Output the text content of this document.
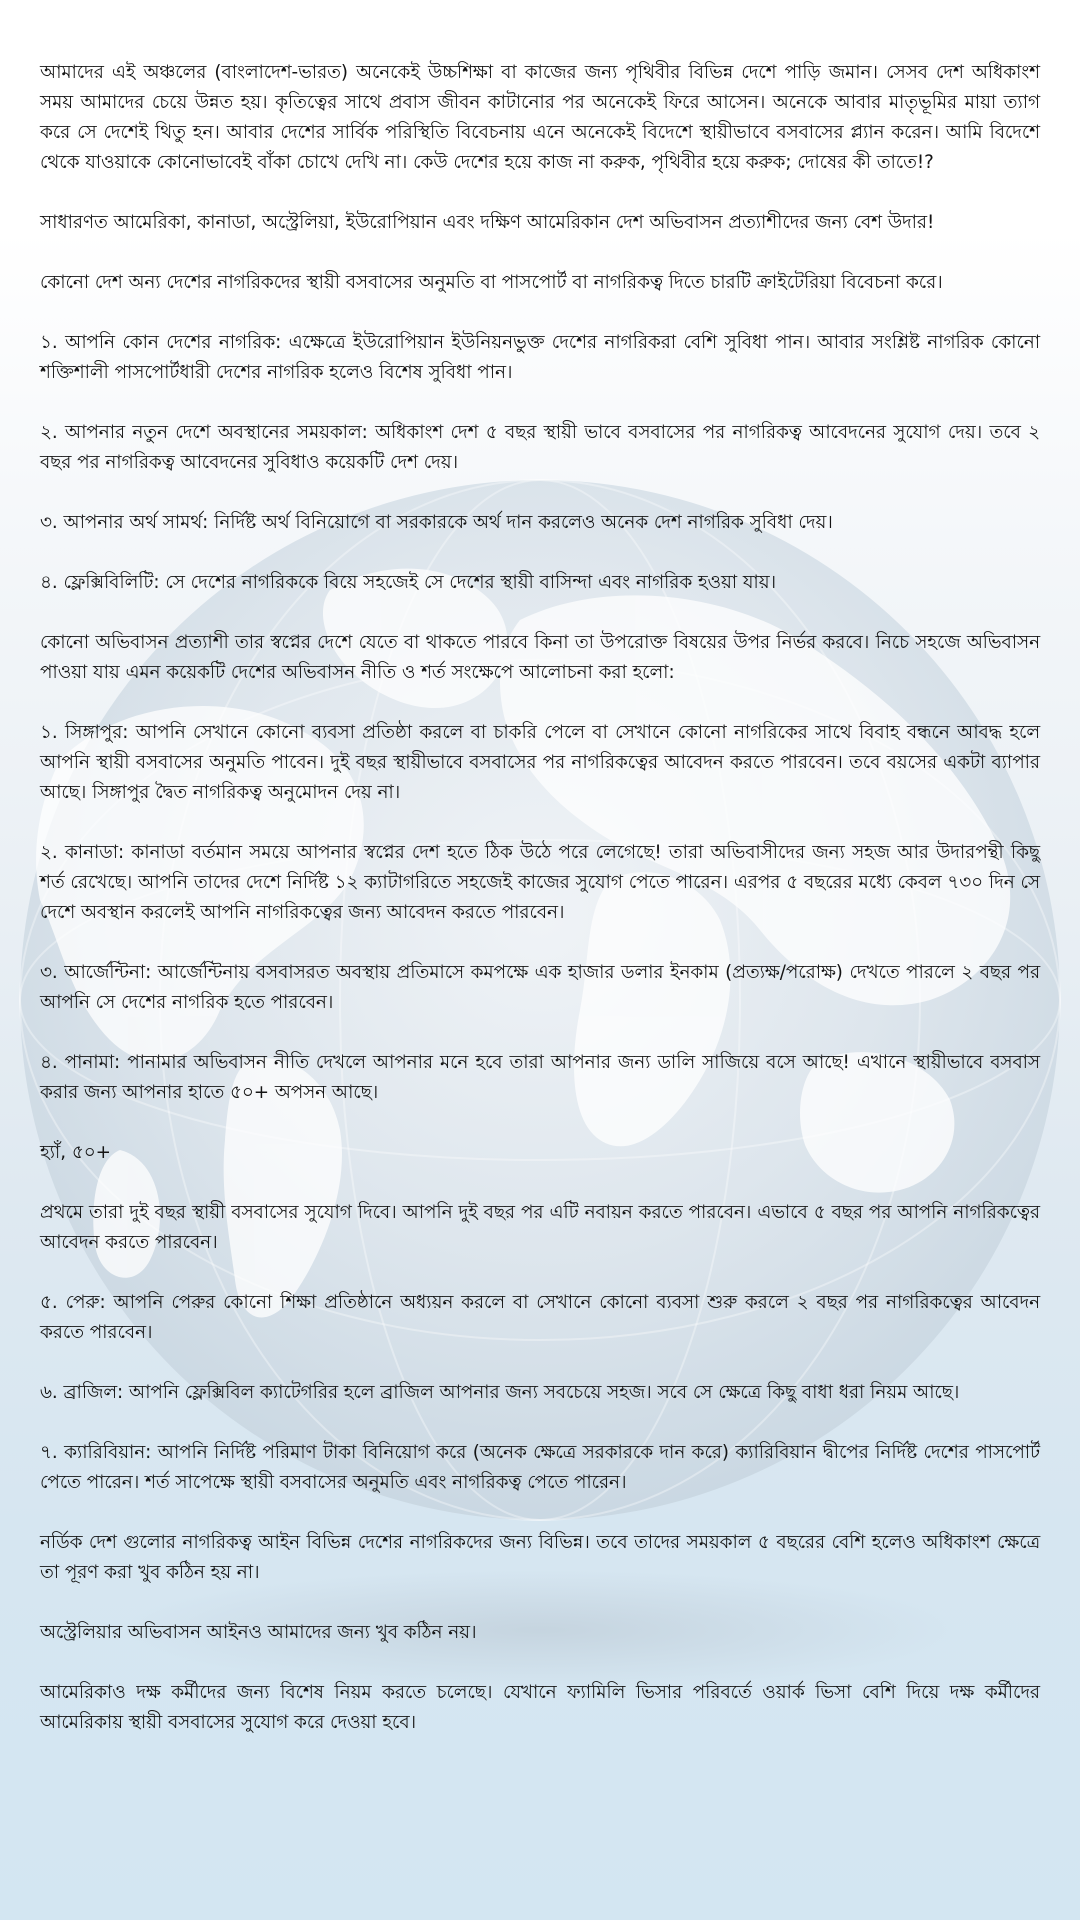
আমাদের এই অঞ্চলের (বাংলাদেশ-ভারত) অনেকেই উচ্চশিক্ষা বা কাজের জন্য পৃথিবীর বিভিন্ন দেশে পাড়ি জমান। সেসব দেশ অধিকাংশ সময় আমাদের চেয়ে উন্নত হয়। কৃতিত্বের সাথে প্রবাস জীবন কাটানোর পর অনেকেই ফিরে আসেন। অনেকে আবার মাতৃভূমির মায়া ত্যাগ করে সে দেশেই থিতু হন। আবার দেশের সার্বিক পরিস্থিতি বিবেচনায় এনে অনেকেই বিদেশে স্থায়ীভাবে বসবাসের প্ল্যান করেন। আমি বিদেশে থেকে যাওয়াকে কোনোভাবেই বাঁকা চোখে দেখি না। কেউ দেশের হয়ে কাজ না করুক, পৃথিবীর হয়ে করুক; দোষের কী তাতে!?

সাধারণত আমেরিকা, কানাডা, অস্ট্রেলিয়া, ইউরোপিয়ান এবং দক্ষিণ আমেরিকান দেশ অভিবাসন প্রত্যাশীদের জন্য বেশ উদার!

কোনো দেশ অন্য দেশের নাগরিকদের স্থায়ী বসবাসের অনুমতি বা পাসপোর্ট বা নাগরিকত্ব দিতে চারটি ক্রাইটেরিয়া বিবেচনা করে।

১. আপনি কোন দেশের নাগরিক: এক্ষেত্রে ইউরোপিয়ান ইউনিয়নভুক্ত দেশের নাগরিকরা বেশি সুবিধা পান। আবার সংশ্লিষ্ট নাগরিক কোনো শক্তিশালী পাসপোর্টধারী দেশের নাগরিক হলেও বিশেষ সুবিধা পান।

২. আপনার নতুন দেশে অবস্থানের সময়কাল: অধিকাংশ দেশ ৫ বছর স্থায়ী ভাবে বসবাসের পর নাগরিকত্ব আবেদনের সুযোগ দেয়। তবে ২ বছর পর নাগরিকত্ব আবেদনের সুবিধাও কয়েকটি দেশ দেয়।

৩. আপনার অর্থ সামর্থ: নির্দিষ্ট অর্থ বিনিয়োগে বা সরকারকে অর্থ দান করলেও অনেক দেশ নাগরিক সুবিধা দেয়।

৪. ফ্লেক্সিবিলিটি: সে দেশের নাগরিককে বিয়ে সহজেই সে দেশের স্থায়ী বাসিন্দা এবং নাগরিক হওয়া যায়।

কোনো অভিবাসন প্রত্যাশী তার স্বপ্নের দেশে যেতে বা থাকতে পারবে কিনা তা উপরোক্ত বিষয়ের উপর নির্ভর করবে। নিচে সহজে অভিবাসন পাওয়া যায় এমন কয়েকটি দেশের অভিবাসন নীতি ও শর্ত সংক্ষেপে আলোচনা করা হলো:

১. সিঙ্গাপুর: আপনি সেখানে কোনো ব্যবসা প্রতিষ্ঠা করলে বা চাকরি পেলে বা সেখানে কোনো নাগরিকের সাথে বিবাহ বন্ধনে আবদ্ধ হলে আপনি স্থায়ী বসবাসের অনুমতি পাবেন। দুই বছর স্থায়ীভাবে বসবাসের পর নাগরিকত্বের আবেদন করতে পারবেন। তবে বয়সের একটা ব্যাপার আছে। সিঙ্গাপুর দ্বৈত নাগরিকত্ব অনুমোদন দেয় না।

২. কানাডা: কানাডা বর্তমান সময়ে আপনার স্বপ্নের দেশ হতে ঠিক উঠে পরে লেগেছে! তারা অভিবাসীদের জন্য সহজ আর উদারপন্থী কিছু শর্ত রেখেছে। আপনি তাদের দেশে নির্দিষ্ট ১২ ক্যাটাগরিতে সহজেই কাজের সুযোগ পেতে পারেন। এরপর ৫ বছরের মধ্যে কেবল ৭৩০ দিন সে দেশে অবস্থান করলেই আপনি নাগরিকত্বের জন্য আবেদন করতে পারবেন।

৩. আর্জেন্টিনা: আর্জেন্টিনায় বসবাসরত অবস্থায় প্রতিমাসে কমপক্ষে এক হাজার ডলার ইনকাম (প্রত্যক্ষ/পরোক্ষ) দেখতে পারলে ২ বছর পর আপনি সে দেশের নাগরিক হতে পারবেন।

৪. পানামা: পানামার অভিবাসন নীতি দেখলে আপনার মনে হবে তারা আপনার জন্য ডালি সাজিয়ে বসে আছে! এখানে স্থায়ীভাবে বসবাস করার জন্য আপনার হাতে ৫০+ অপসন আছে।

হ্যাঁ, ৫০+

প্রথমে তারা দুই বছর স্থায়ী বসবাসের সুযোগ দিবে। আপনি দুই বছর পর এটি নবায়ন করতে পারবেন। এভাবে ৫ বছর পর আপনি নাগরিকত্বের আবেদন করতে পারবেন।

৫. পেরু: আপনি পেরুর কোনো শিক্ষা প্রতিষ্ঠানে অধ্যয়ন করলে বা সেখানে কোনো ব্যবসা শুরু করলে ২ বছর পর নাগরিকত্বের আবেদন করতে পারবেন।

৬. ব্রাজিল: আপনি ফ্লেক্সিবিল ক্যাটেগরির হলে ব্রাজিল আপনার জন্য সবচেয়ে সহজ। সবে সে ক্ষেত্রে কিছু বাধা ধরা নিয়ম আছে।

৭. ক্যারিবিয়ান: আপনি নির্দিষ্ট পরিমাণ টাকা বিনিয়োগ করে (অনেক ক্ষেত্রে সরকারকে দান করে) ক্যারিবিয়ান দ্বীপের নির্দিষ্ট দেশের পাসপোর্ট পেতে পারেন। শর্ত সাপেক্ষে স্থায়ী বসবাসের অনুমতি এবং নাগরিকত্ব পেতে পারেন।

নর্ডিক দেশ গুলোর নাগরিকত্ব আইন বিভিন্ন দেশের নাগরিকদের জন্য বিভিন্ন। তবে তাদের সময়কাল ৫ বছরের বেশি হলেও অধিকাংশ ক্ষেত্রে তা পূরণ করা খুব কঠিন হয় না।

অস্ট্রেলিয়ার অভিবাসন আইনও আমাদের জন্য খুব কঠিন নয়।

আমেরিকাও দক্ষ কর্মীদের জন্য বিশেষ নিয়ম করতে চলেছে। যেখানে ফ্যামিলি ভিসার পরিবর্তে ওয়ার্ক ভিসা বেশি দিয়ে দক্ষ কর্মীদের আমেরিকায় স্থায়ী বসবাসের সুযোগ করে দেওয়া হবে।
